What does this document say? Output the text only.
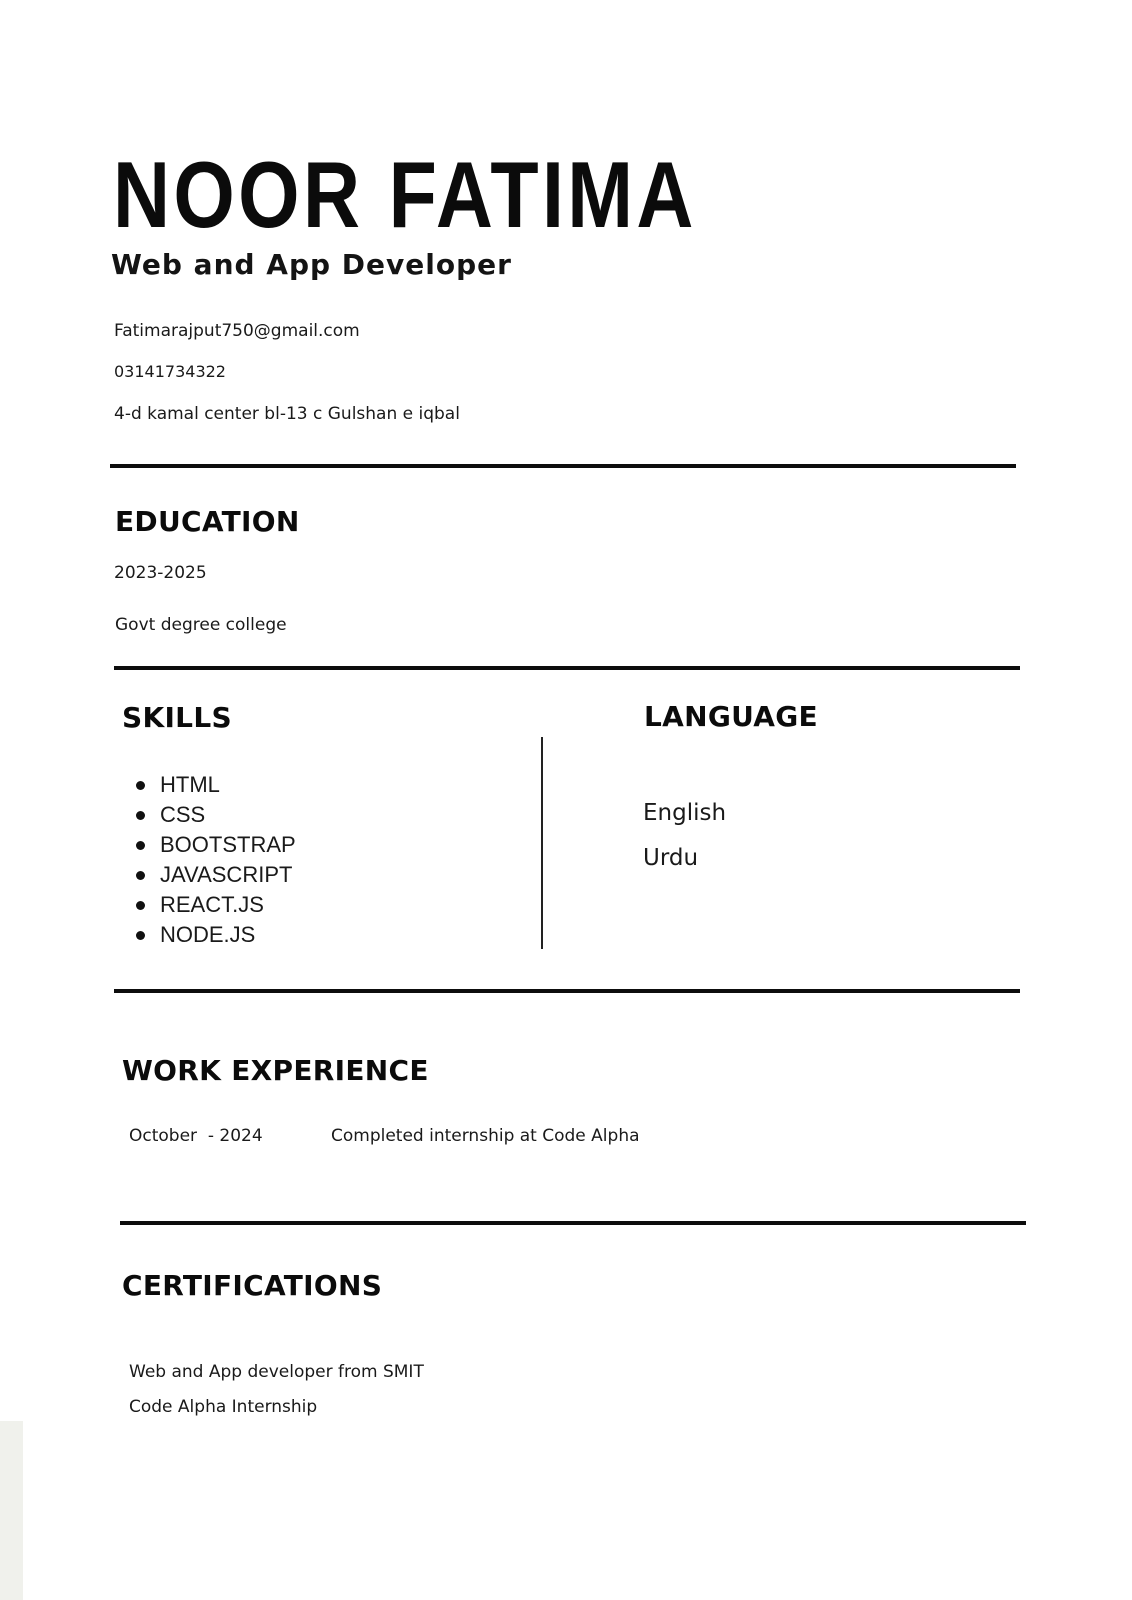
NOOR FATIMA
Web and App Developer
Fatimarajput750@gmail.com
03141734322
4-d kamal center bl-13 c Gulshan e iqbal
EDUCATION
2023-2025
Govt degree college
SKILLS
HTML
CSS
BOOTSTRAP
JAVASCRIPT
REACT.JS
NODE.JS
LANGUAGE
English
Urdu
WORK EXPERIENCE
October  - 2024	Completed internship at Code Alpha
CERTIFICATIONS
Web and App developer from SMIT
Code Alpha Internship
